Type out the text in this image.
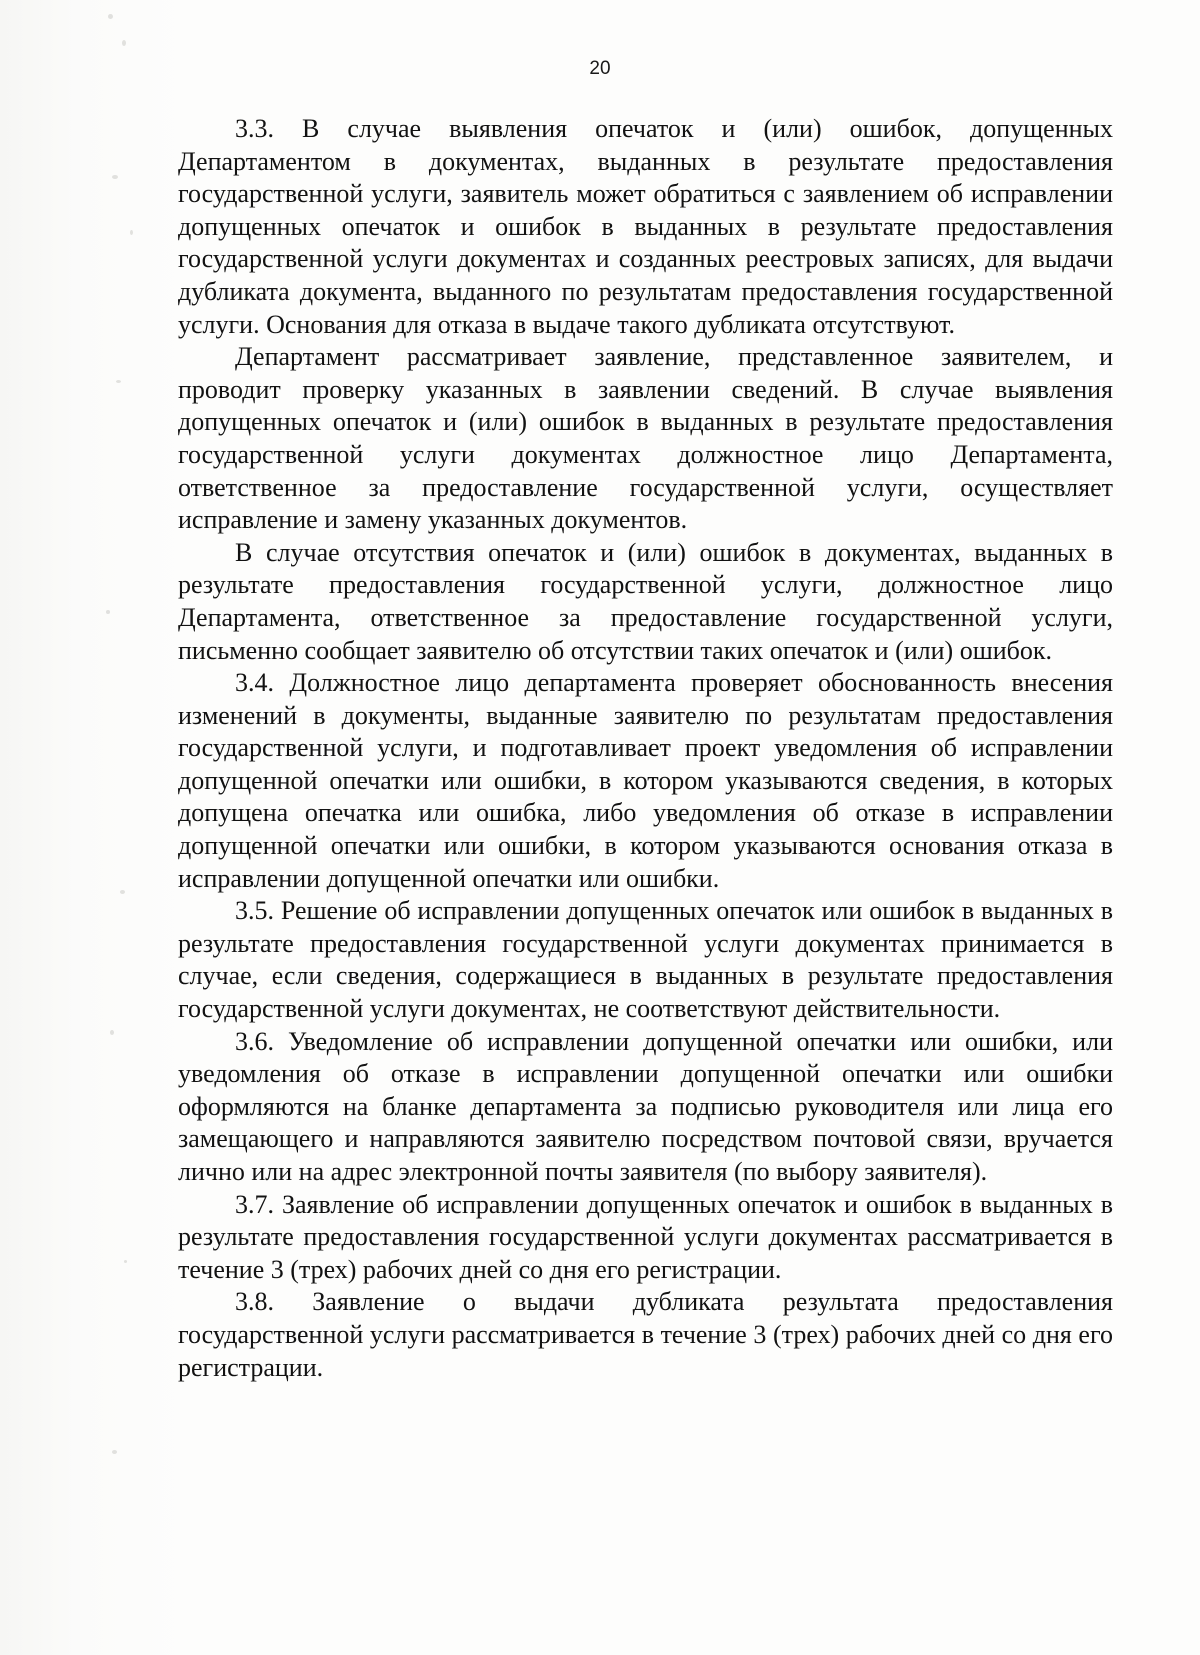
20

3.3. В случае выявления опечаток и (или) ошибок, допущенных Департаментом в документах, выданных в результате предоставления государственной услуги, заявитель может обратиться с заявлением об исправлении допущенных опечаток и ошибок в выданных в результате предоставления государственной услуги документах и созданных реестровых записях, для выдачи дубликата документа, выданного по результатам предоставления государственной услуги. Основания для отказа в выдаче такого дубликата отсутствуют.

Департамент рассматривает заявление, представленное заявителем, и проводит проверку указанных в заявлении сведений. В случае выявления допущенных опечаток и (или) ошибок в выданных в результате предоставления государственной услуги документах должностное лицо Департамента, ответственное за предоставление государственной услуги, осуществляет исправление и замену указанных документов.

В случае отсутствия опечаток и (или) ошибок в документах, выданных в результате предоставления государственной услуги, должностное лицо Департамента, ответственное за предоставление государственной услуги, письменно сообщает заявителю об отсутствии таких опечаток и (или) ошибок.

3.4. Должностное лицо департамента проверяет обоснованность внесения изменений в документы, выданные заявителю по результатам предоставления государственной услуги, и подготавливает проект уведомления об исправлении допущенной опечатки или ошибки, в котором указываются сведения, в которых допущена опечатка или ошибка, либо уведомления об отказе в исправлении допущенной опечатки или ошибки, в котором указываются основания отказа в исправлении допущенной опечатки или ошибки.

3.5. Решение об исправлении допущенных опечаток или ошибок в выданных в результате предоставления государственной услуги документах принимается в случае, если сведения, содержащиеся в выданных в результате предоставления государственной услуги документах, не соответствуют действительности.

3.6. Уведомление об исправлении допущенной опечатки или ошибки, или уведомления об отказе в исправлении допущенной опечатки или ошибки оформляются на бланке департамента за подписью руководителя или лица его замещающего и направляются заявителю посредством почтовой связи, вручается лично или на адрес электронной почты заявителя (по выбору заявителя).

3.7. Заявление об исправлении допущенных опечаток и ошибок в выданных в результате предоставления государственной услуги документах рассматривается в течение 3 (трех) рабочих дней со дня его регистрации.

3.8. Заявление о выдачи дубликата результата предоставления государственной услуги рассматривается в течение 3 (трех) рабочих дней со дня его регистрации.
